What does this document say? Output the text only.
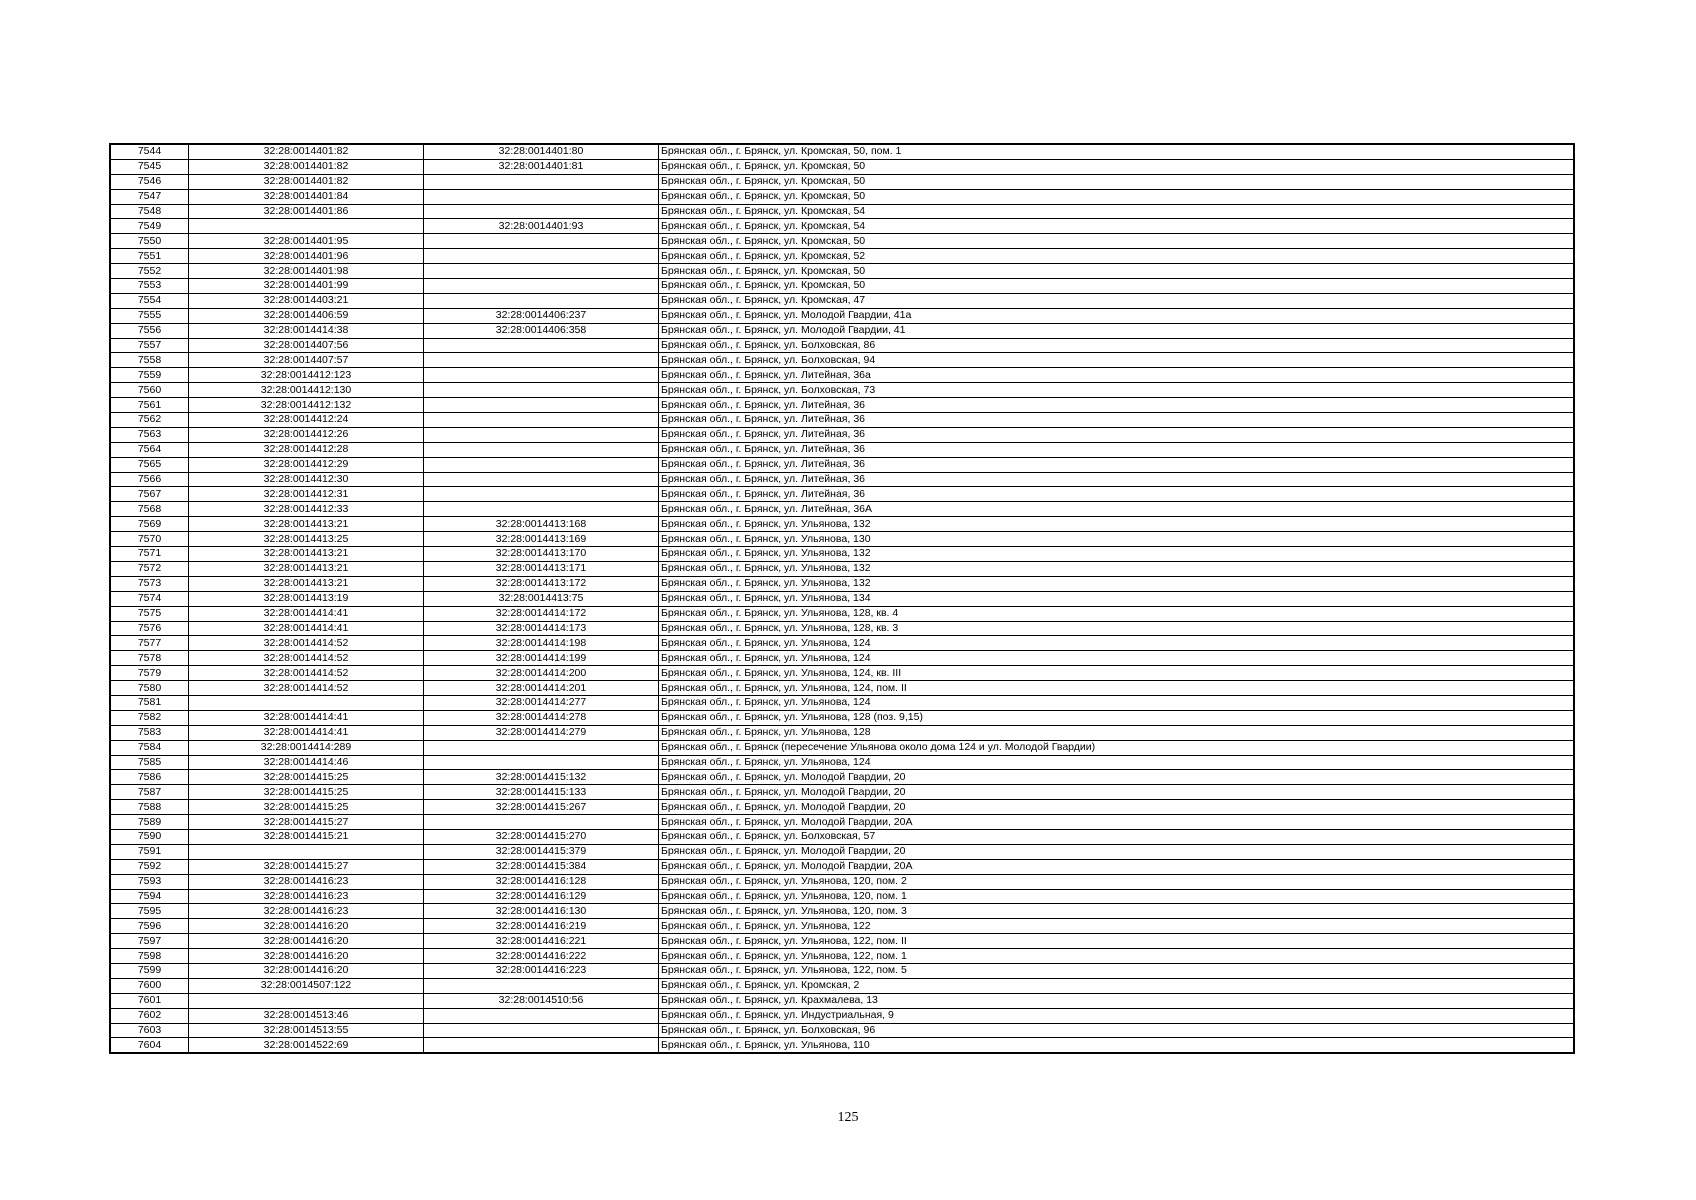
7544	32:28:0014401:82	32:28:0014401:80	Брянская обл., г. Брянск, ул. Кромская, 50, пом. 1
7545	32:28:0014401:82	32:28:0014401:81	Брянская обл., г. Брянск, ул. Кромская, 50
7546	32:28:0014401:82		Брянская обл., г. Брянск, ул. Кромская, 50
7547	32:28:0014401:84		Брянская обл., г. Брянск, ул. Кромская, 50
7548	32:28:0014401:86		Брянская обл., г. Брянск, ул. Кромская, 54
7549		32:28:0014401:93	Брянская обл., г. Брянск, ул. Кромская, 54
7550	32:28:0014401:95		Брянская обл., г. Брянск, ул. Кромская, 50
7551	32:28:0014401:96		Брянская обл., г. Брянск, ул. Кромская, 52
7552	32:28:0014401:98		Брянская обл., г. Брянск, ул. Кромская, 50
7553	32:28:0014401:99		Брянская обл., г. Брянск, ул. Кромская, 50
7554	32:28:0014403:21		Брянская обл., г. Брянск, ул. Кромская, 47
7555	32:28:0014406:59	32:28:0014406:237	Брянская обл., г. Брянск, ул. Молодой Гвардии, 41а
7556	32:28:0014414:38	32:28:0014406:358	Брянская обл., г. Брянск, ул. Молодой Гвардии, 41
7557	32:28:0014407:56		Брянская обл., г. Брянск, ул. Болховская, 86
7558	32:28:0014407:57		Брянская обл., г. Брянск, ул. Болховская, 94
7559	32:28:0014412:123		Брянская обл., г. Брянск, ул. Литейная, 36а
7560	32:28:0014412:130		Брянская обл., г. Брянск, ул. Болховская, 73
7561	32:28:0014412:132		Брянская обл., г. Брянск, ул. Литейная, 36
7562	32:28:0014412:24		Брянская обл., г. Брянск, ул. Литейная, 36
7563	32:28:0014412:26		Брянская обл., г. Брянск, ул. Литейная, 36
7564	32:28:0014412:28		Брянская обл., г. Брянск, ул. Литейная, 36
7565	32:28:0014412:29		Брянская обл., г. Брянск, ул. Литейная, 36
7566	32:28:0014412:30		Брянская обл., г. Брянск, ул. Литейная, 36
7567	32:28:0014412:31		Брянская обл., г. Брянск, ул. Литейная, 36
7568	32:28:0014412:33		Брянская обл., г. Брянск, ул. Литейная, 36А
7569	32:28:0014413:21	32:28:0014413:168	Брянская обл., г. Брянск, ул. Ульянова, 132
7570	32:28:0014413:25	32:28:0014413:169	Брянская обл., г. Брянск, ул. Ульянова, 130
7571	32:28:0014413:21	32:28:0014413:170	Брянская обл., г. Брянск, ул. Ульянова, 132
7572	32:28:0014413:21	32:28:0014413:171	Брянская обл., г. Брянск, ул. Ульянова, 132
7573	32:28:0014413:21	32:28:0014413:172	Брянская обл., г. Брянск, ул. Ульянова, 132
7574	32:28:0014413:19	32:28:0014413:75	Брянская обл., г. Брянск, ул. Ульянова, 134
7575	32:28:0014414:41	32:28:0014414:172	Брянская обл., г. Брянск, ул. Ульянова, 128, кв. 4
7576	32:28:0014414:41	32:28:0014414:173	Брянская обл., г. Брянск, ул. Ульянова, 128, кв. 3
7577	32:28:0014414:52	32:28:0014414:198	Брянская обл., г. Брянск, ул. Ульянова, 124
7578	32:28:0014414:52	32:28:0014414:199	Брянская обл., г. Брянск, ул. Ульянова, 124
7579	32:28:0014414:52	32:28:0014414:200	Брянская обл., г. Брянск, ул. Ульянова, 124, кв. III
7580	32:28:0014414:52	32:28:0014414:201	Брянская обл., г. Брянск, ул. Ульянова, 124, пом. II
7581		32:28:0014414:277	Брянская обл., г. Брянск, ул. Ульянова, 124
7582	32:28:0014414:41	32:28:0014414:278	Брянская обл., г. Брянск, ул. Ульянова, 128 (поз. 9,15)
7583	32:28:0014414:41	32:28:0014414:279	Брянская обл., г. Брянск, ул. Ульянова, 128
7584	32:28:0014414:289		Брянская обл., г. Брянск (пересечение Ульянова около дома 124 и ул. Молодой Гвардии)
7585	32:28:0014414:46		Брянская обл., г. Брянск, ул. Ульянова, 124
7586	32:28:0014415:25	32:28:0014415:132	Брянская обл., г. Брянск, ул. Молодой Гвардии, 20
7587	32:28:0014415:25	32:28:0014415:133	Брянская обл., г. Брянск, ул. Молодой Гвардии, 20
7588	32:28:0014415:25	32:28:0014415:267	Брянская обл., г. Брянск, ул. Молодой Гвардии, 20
7589	32:28:0014415:27		Брянская обл., г. Брянск, ул. Молодой Гвардии, 20А
7590	32:28:0014415:21	32:28:0014415:270	Брянская обл., г. Брянск, ул. Болховская, 57
7591		32:28:0014415:379	Брянская обл., г. Брянск, ул. Молодой Гвардии, 20
7592	32:28:0014415:27	32:28:0014415:384	Брянская обл., г. Брянск, ул. Молодой Гвардии, 20А
7593	32:28:0014416:23	32:28:0014416:128	Брянская обл., г. Брянск, ул. Ульянова, 120, пом. 2
7594	32:28:0014416:23	32:28:0014416:129	Брянская обл., г. Брянск, ул. Ульянова, 120, пом. 1
7595	32:28:0014416:23	32:28:0014416:130	Брянская обл., г. Брянск, ул. Ульянова, 120, пом. 3
7596	32:28:0014416:20	32:28:0014416:219	Брянская обл., г. Брянск, ул. Ульянова, 122
7597	32:28:0014416:20	32:28:0014416:221	Брянская обл., г. Брянск, ул. Ульянова, 122, пом. II
7598	32:28:0014416:20	32:28:0014416:222	Брянская обл., г. Брянск, ул. Ульянова, 122, пом. 1
7599	32:28:0014416:20	32:28:0014416:223	Брянская обл., г. Брянск, ул. Ульянова, 122, пом. 5
7600	32:28:0014507:122		Брянская обл., г. Брянск, ул. Кромская, 2
7601		32:28:0014510:56	Брянская обл., г. Брянск, ул. Крахмалева, 13
7602	32:28:0014513:46		Брянская обл., г. Брянск, ул. Индустриальная, 9
7603	32:28:0014513:55		Брянская обл., г. Брянск, ул. Болховская, 96
7604	32:28:0014522:69		Брянская обл., г. Брянск, ул. Ульянова, 110
125
